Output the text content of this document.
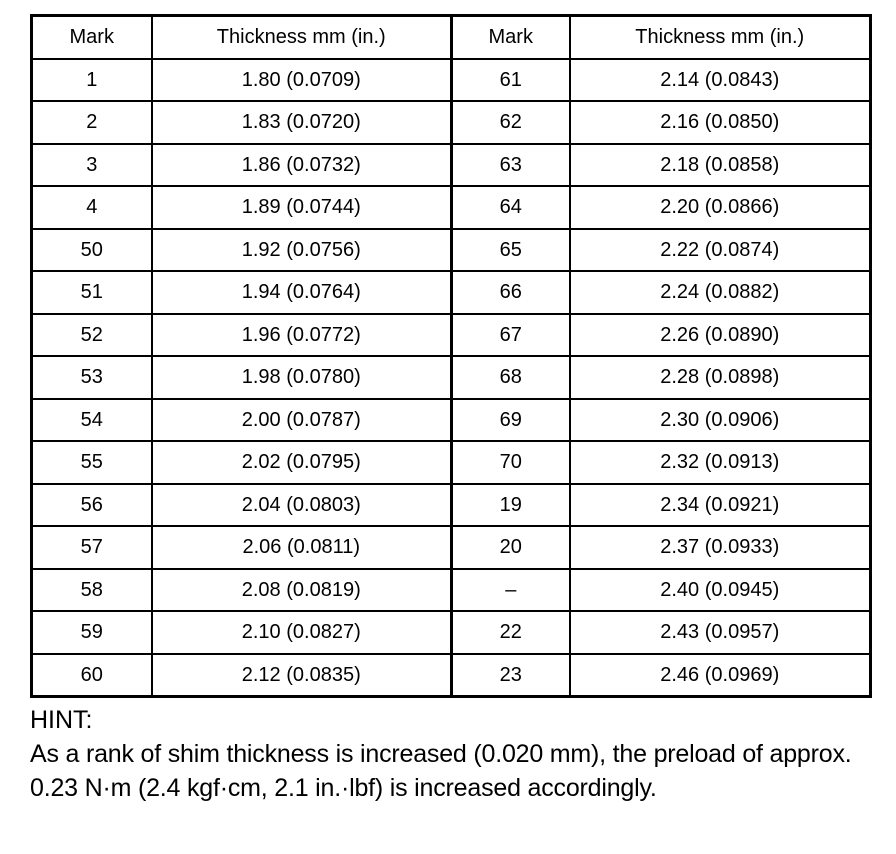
Mark	Thickness mm (in.)	Mark	Thickness mm (in.)
1	1.80 (0.0709)	61	2.14 (0.0843)
2	1.83 (0.0720)	62	2.16 (0.0850)
3	1.86 (0.0732)	63	2.18 (0.0858)
4	1.89 (0.0744)	64	2.20 (0.0866)
50	1.92 (0.0756)	65	2.22 (0.0874)
51	1.94 (0.0764)	66	2.24 (0.0882)
52	1.96 (0.0772)	67	2.26 (0.0890)
53	1.98 (0.0780)	68	2.28 (0.0898)
54	2.00 (0.0787)	69	2.30 (0.0906)
55	2.02 (0.0795)	70	2.32 (0.0913)
56	2.04 (0.0803)	19	2.34 (0.0921)
57	2.06 (0.0811)	20	2.37 (0.0933)
58	2.08 (0.0819)	–	2.40 (0.0945)
59	2.10 (0.0827)	22	2.43 (0.0957)
60	2.12 (0.0835)	23	2.46 (0.0969)
HINT:
As a rank of shim thickness is increased (0.020 mm), the preload of approx. 0.23 N·m (2.4 kgf·cm, 2.1 in.·lbf) is increased accordingly.
